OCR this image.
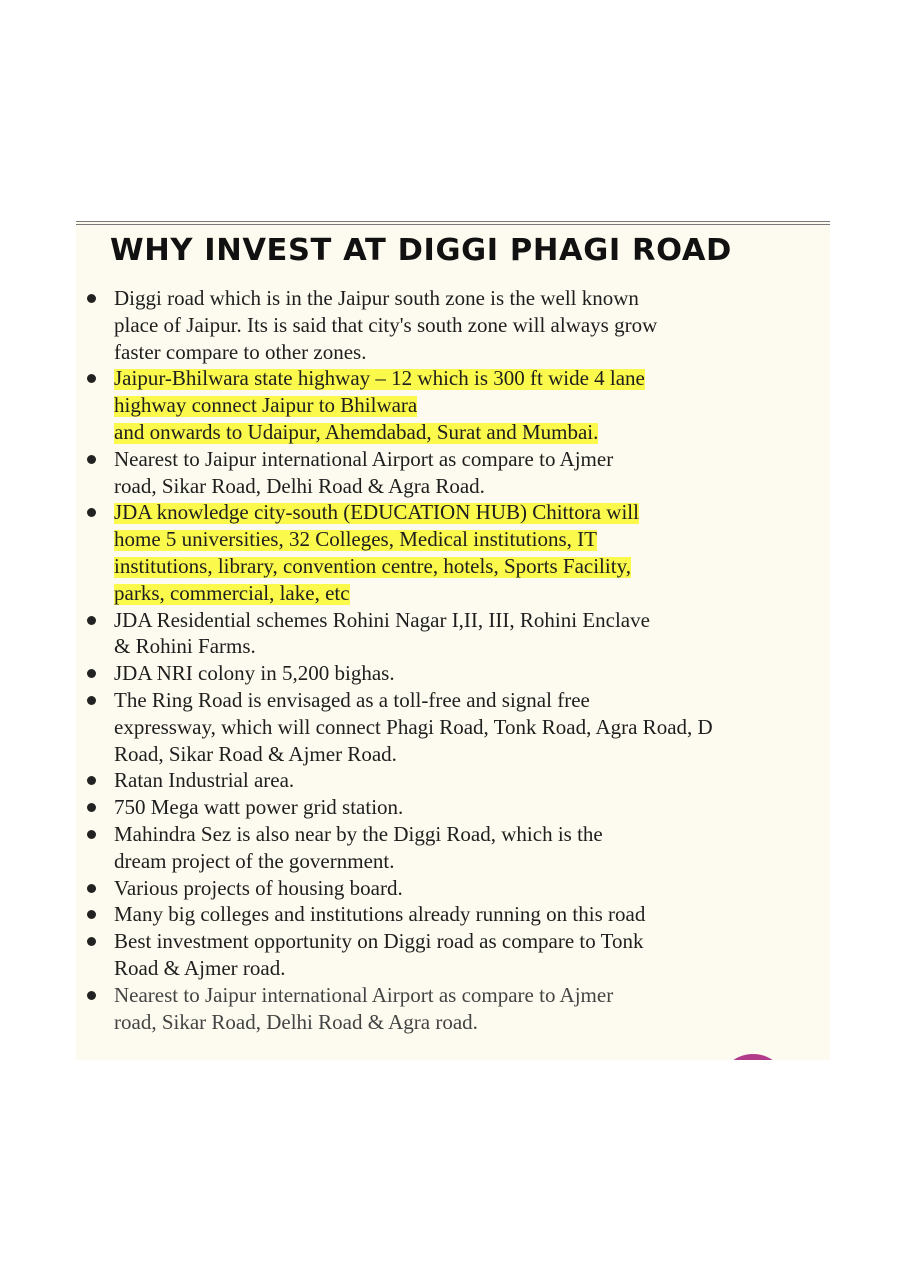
WHY INVEST AT DIGGI PHAGI ROAD
Diggi road which is in the Jaipur south zone is the well known
place of Jaipur. Its is said that city's south zone will always grow
faster compare to other zones.
Jaipur-Bhilwara state highway – 12 which is 300 ft wide 4 lane
highway connect Jaipur to Bhilwara
and onwards to Udaipur, Ahemdabad, Surat and Mumbai.
Nearest to Jaipur international Airport as compare to Ajmer
road, Sikar Road, Delhi Road & Agra Road.
JDA knowledge city-south (EDUCATION HUB) Chittora will
home 5 universities, 32 Colleges, Medical institutions, IT
institutions, library, convention centre, hotels, Sports Facility,
parks, commercial, lake, etc
JDA Residential schemes Rohini Nagar I,II, III, Rohini Enclave
& Rohini Farms.
JDA NRI colony in 5,200 bighas.
The Ring Road is envisaged as a toll-free and signal free
expressway, which will connect Phagi Road, Tonk Road, Agra Road, D
Road, Sikar Road & Ajmer Road.
Ratan Industrial area.
750 Mega watt power grid station.
Mahindra Sez is also near by the Diggi Road, which is the
dream project of the government.
Various projects of housing board.
Many big colleges and institutions already running on this road
Best investment opportunity on Diggi road as compare to Tonk
Road & Ajmer road.
Nearest to Jaipur international Airport as compare to Ajmer
road, Sikar Road, Delhi Road & Agra road.
